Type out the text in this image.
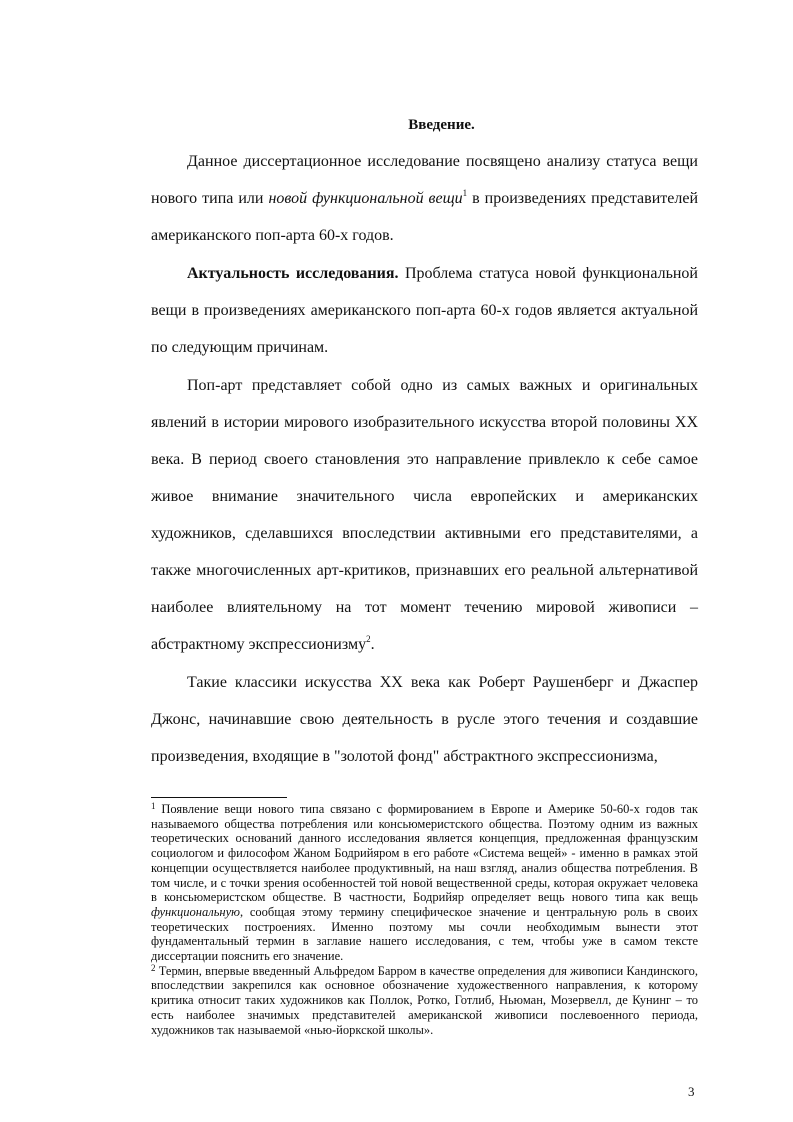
Введение.

Данное диссертационное исследование посвящено анализу статуса вещи нового типа или новой функциональной вещи$^1$ в произведениях представителей американского поп-арта 60-х годов.

Актуальность исследования. Проблема статуса новой функциональной вещи в произведениях американского поп-арта 60-х годов является актуальной по следующим причинам.

Поп-арт представляет собой одно из самых важных и оригинальных явлений в истории мирового изобразительного искусства второй половины XX века. В период своего становления это направление привлекло к себе самое живое внимание значительного числа европейских и американских художников, сделавшихся впоследствии активными его представителями, а также многочисленных арт-критиков, признавших его реальной альтернативой наиболее влиятельному на тот момент течению мировой живописи – абстрактному экспрессионизму$^2$.

Такие классики искусства XX века как Роберт Раушенберг и Джаспер Джонс, начинавшие свою деятельность в русле этого течения и создавшие произведения, входящие в "золотой фонд" абстрактного экспрессионизма,

$^1$ Появление вещи нового типа связано с формированием в Европе и Америке 50-60-х годов так называемого общества потребления или консьюмеристского общества. Поэтому одним из важных теоретических оснований данного исследования является концепция, предложенная французским социологом и философом Жаном Бодрийяром в его работе «Система вещей» - именно в рамках этой концепции осуществляется наиболее продуктивный, на наш взгляд, анализ общества потребления. В том числе, и с точки зрения особенностей той новой вещественной среды, которая окружает человека в консьюмеристском обществе. В частности, Бодрийяр определяет вещь нового типа как вещь функциональную, сообщая этому термину специфическое значение и центральную роль в своих теоретических построениях. Именно поэтому мы сочли необходимым вынести этот фундаментальный термин в заглавие нашего исследования, с тем, чтобы уже в самом тексте диссертации пояснить его значение.

$^2$ Термин, впервые введенный Альфредом Барром в качестве определения для живописи Кандинского, впоследствии закрепился как основное обозначение художественного направления, к которому критика относит таких художников как Поллок, Ротко, Готлиб, Ньюман, Мозервелл, де Кунинг – то есть наиболее значимых представителей американской живописи послевоенного периода, художников так называемой «нью-йоркской школы».

3
